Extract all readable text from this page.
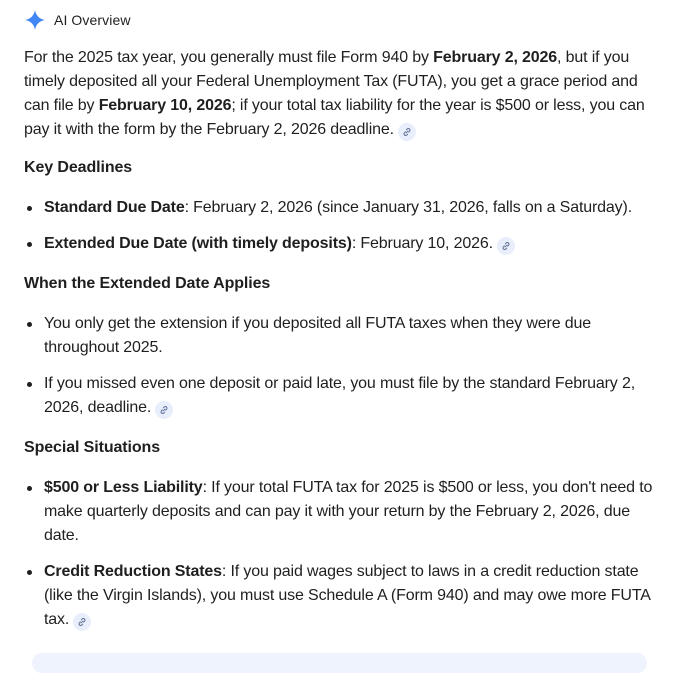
AI Overview

For the 2025 tax year, you generally must file Form 940 by February 2, 2026, but if you timely deposited all your Federal Unemployment Tax (FUTA), you get a grace period and can file by February 10, 2026; if your total tax liability for the year is $500 or less, you can pay it with the form by the February 2, 2026 deadline.

Key Deadlines
Standard Due Date: February 2, 2026 (since January 31, 2026, falls on a Saturday).
Extended Due Date (with timely deposits): February 10, 2026.
When the Extended Date Applies
You only get the extension if you deposited all FUTA taxes when they were due throughout 2025.
If you missed even one deposit or paid late, you must file by the standard February 2, 2026, deadline.
Special Situations
$500 or Less Liability: If your total FUTA tax for 2025 is $500 or less, you don't need to make quarterly deposits and can pay it with your return by the February 2, 2026, due date.
Credit Reduction States: If you paid wages subject to laws in a credit reduction state (like the Virgin Islands), you must use Schedule A (Form 940) and may owe more FUTA tax.
